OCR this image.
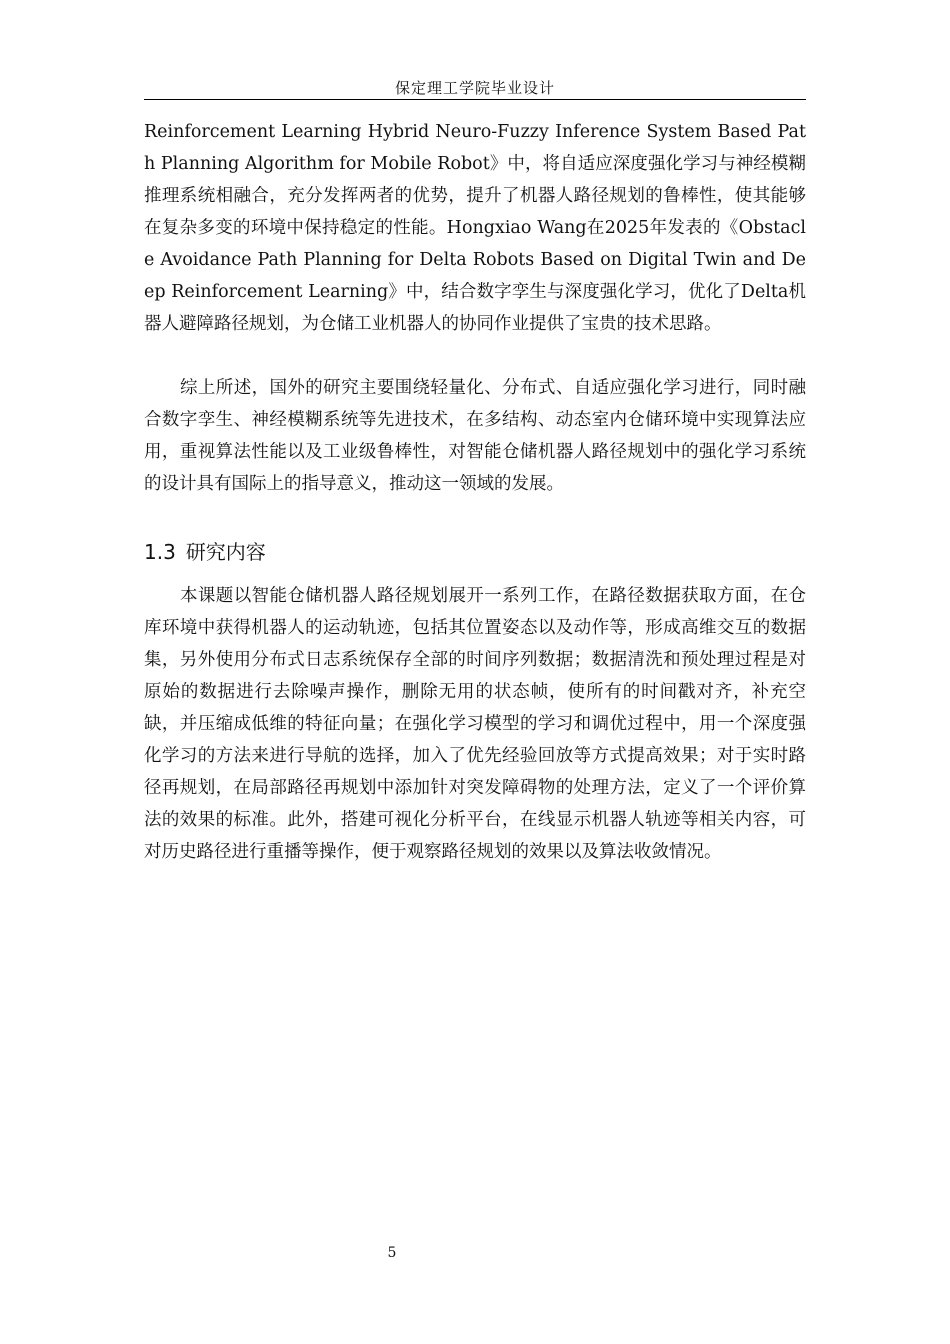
保定理工学院毕业设计

Reinforcement Learning Hybrid Neuro‑Fuzzy Inference System Based Path Planning Algorithm for Mobile Robot》中，将自适应深度强化学习与神经模糊推理系统相融合，充分发挥两者的优势，提升了机器人路径规划的鲁棒性，使其能够在复杂多变的环境中保持稳定的性能。Hongxiao Wang在2025年发表的《Obstacle Avoidance Path Planning for Delta Robots Based on Digital Twin and Deep Reinforcement Learning》中，结合数字孪生与深度强化学习，优化了Delta机器人避障路径规划，为仓储工业机器人的协同作业提供了宝贵的技术思路。

综上所述，国外的研究主要围绕轻量化、分布式、自适应强化学习进行，同时融合数字孪生、神经模糊系统等先进技术，在多结构、动态室内仓储环境中实现算法应用，重视算法性能以及工业级鲁棒性，对智能仓储机器人路径规划中的强化学习系统的设计具有国际上的指导意义，推动这一领域的发展。

1.3 研究内容

本课题以智能仓储机器人路径规划展开一系列工作，在路径数据获取方面，在仓库环境中获得机器人的运动轨迹，包括其位置姿态以及动作等，形成高维交互的数据集，另外使用分布式日志系统保存全部的时间序列数据；数据清洗和预处理过程是对原始的数据进行去除噪声操作，删除无用的状态帧，使所有的时间戳对齐，补充空缺，并压缩成低维的特征向量；在强化学习模型的学习和调优过程中，用一个深度强化学习的方法来进行导航的选择，加入了优先经验回放等方式提高效果；对于实时路径再规划，在局部路径再规划中添加针对突发障碍物的处理方法，定义了一个评价算法的效果的标准。此外，搭建可视化分析平台，在线显示机器人轨迹等相关内容，可对历史路径进行重播等操作，便于观察路径规划的效果以及算法收敛情况。

5
